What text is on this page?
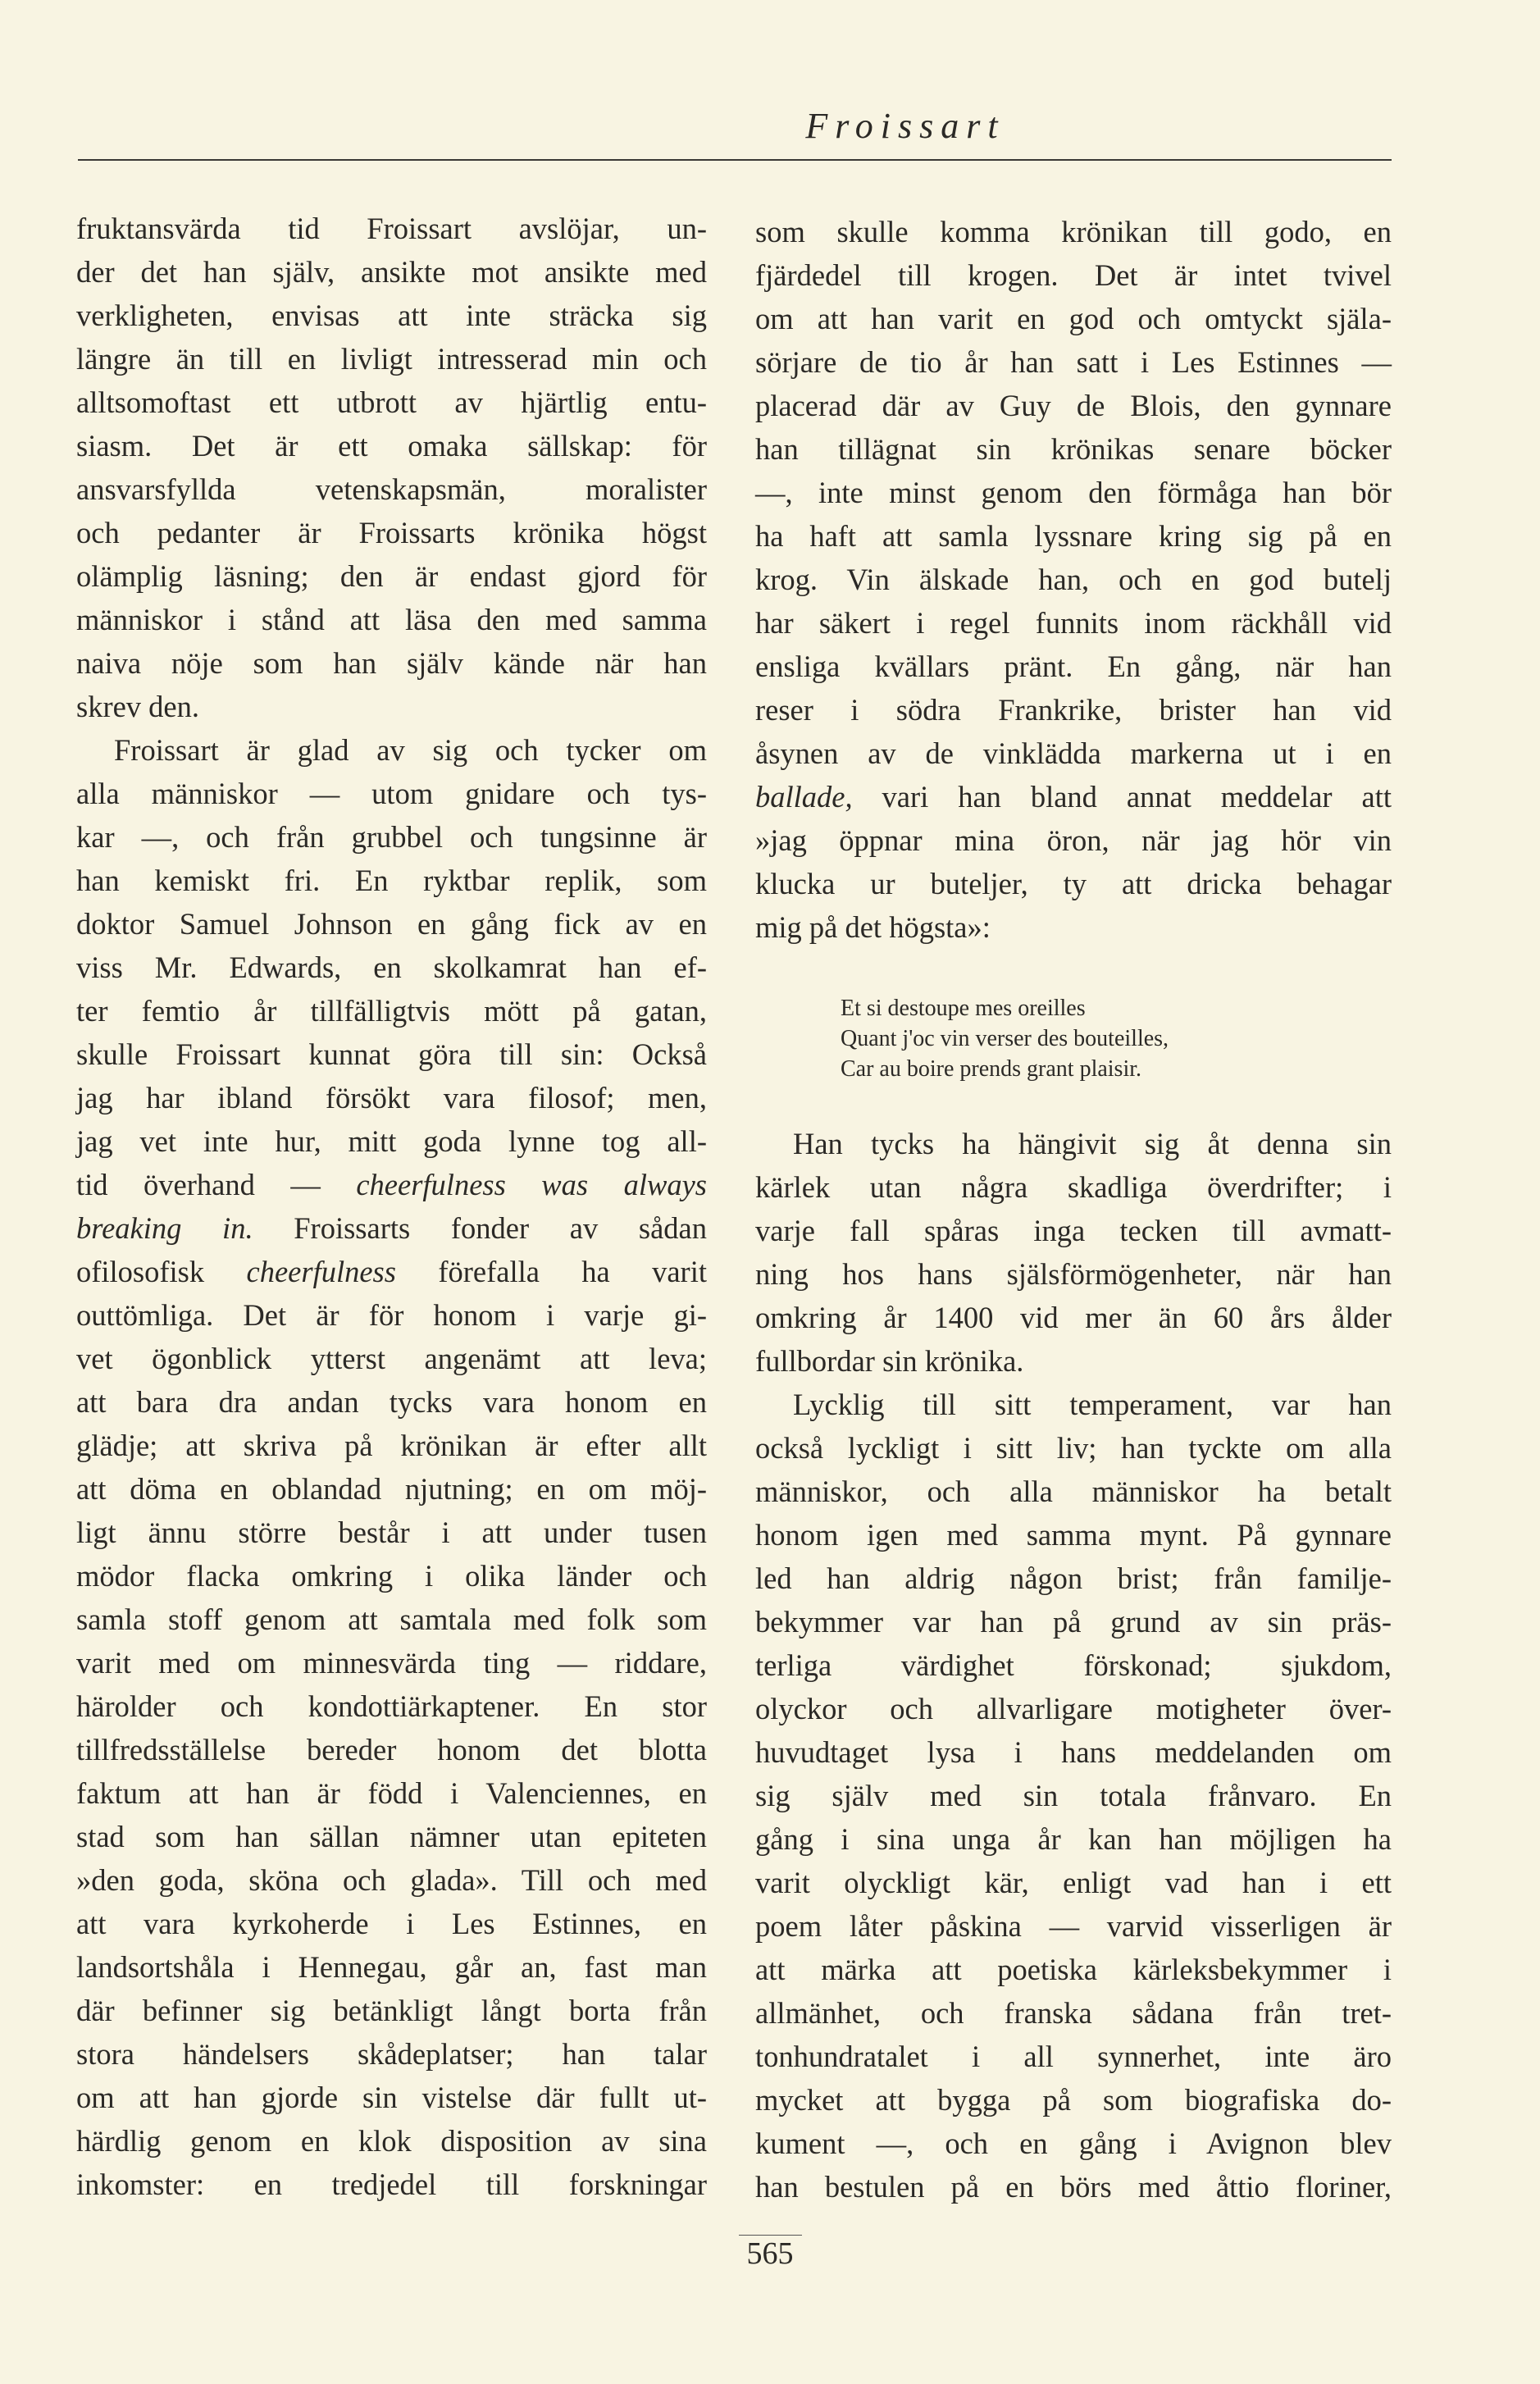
Froissart
fruktansvärda tid Froissart avslöjar, un-
der det han själv, ansikte mot ansikte med
verkligheten, envisas att inte sträcka sig
längre än till en livligt intresserad min och
alltsomoftast ett utbrott av hjärtlig entu-
siasm. Det är ett omaka sällskap: för
ansvarsfyllda vetenskapsmän, moralister
och pedanter är Froissarts krönika högst
olämplig läsning; den är endast gjord för
människor i stånd att läsa den med samma
naiva nöje som han själv kände när han
skrev den.
Froissart är glad av sig och tycker om
alla människor — utom gnidare och tys-
kar —, och från grubbel och tungsinne är
han kemiskt fri. En ryktbar replik, som
doktor Samuel Johnson en gång fick av en
viss Mr. Edwards, en skolkamrat han ef-
ter femtio år tillfälligtvis mött på gatan,
skulle Froissart kunnat göra till sin: Också
jag har ibland försökt vara filosof; men,
jag vet inte hur, mitt goda lynne tog all-
tid överhand — cheerfulness was always
breaking in. Froissarts fonder av sådan
ofilosofisk cheerfulness förefalla ha varit
outtömliga. Det är för honom i varje gi-
vet ögonblick ytterst angenämt att leva;
att bara dra andan tycks vara honom en
glädje; att skriva på krönikan är efter allt
att döma en oblandad njutning; en om möj-
ligt ännu större består i att under tusen
mödor flacka omkring i olika länder och
samla stoff genom att samtala med folk som
varit med om minnesvärda ting — riddare,
härolder och kondottiärkaptener. En stor
tillfredsställelse bereder honom det blotta
faktum att han är född i Valenciennes, en
stad som han sällan nämner utan epiteten
»den goda, sköna och glada». Till och med
att vara kyrkoherde i Les Estinnes, en
landsortshåla i Hennegau, går an, fast man
där befinner sig betänkligt långt borta från
stora händelsers skådeplatser; han talar
om att han gjorde sin vistelse där fullt ut-
härdlig genom en klok disposition av sina
inkomster: en tredjedel till forskningar
som skulle komma krönikan till godo, en
fjärdedel till krogen. Det är intet tvivel
om att han varit en god och omtyckt själa-
sörjare de tio år han satt i Les Estinnes —
placerad där av Guy de Blois, den gynnare
han tillägnat sin krönikas senare böcker
—, inte minst genom den förmåga han bör
ha haft att samla lyssnare kring sig på en
krog. Vin älskade han, och en god butelj
har säkert i regel funnits inom räckhåll vid
ensliga kvällars pränt. En gång, när han
reser i södra Frankrike, brister han vid
åsynen av de vinklädda markerna ut i en
ballade, vari han bland annat meddelar att
»jag öppnar mina öron, när jag hör vin
klucka ur buteljer, ty att dricka behagar
mig på det högsta»:
Et si destoupe mes oreilles
Quant j'oc vin verser des bouteilles,
Car au boire prends grant plaisir.
Han tycks ha hängivit sig åt denna sin
kärlek utan några skadliga överdrifter; i
varje fall spåras inga tecken till avmatt-
ning hos hans själsförmögenheter, när han
omkring år 1400 vid mer än 60 års ålder
fullbordar sin krönika.
Lycklig till sitt temperament, var han
också lyckligt i sitt liv; han tyckte om alla
människor, och alla människor ha betalt
honom igen med samma mynt. På gynnare
led han aldrig någon brist; från familje-
bekymmer var han på grund av sin präs-
terliga värdighet förskonad; sjukdom,
olyckor och allvarligare motigheter över-
huvudtaget lysa i hans meddelanden om
sig själv med sin totala frånvaro. En
gång i sina unga år kan han möjligen ha
varit olyckligt kär, enligt vad han i ett
poem låter påskina — varvid visserligen är
att märka att poetiska kärleksbekymmer i
allmänhet, och franska sådana från tret-
tonhundratalet i all synnerhet, inte äro
mycket att bygga på som biografiska do-
kument —, och en gång i Avignon blev
han bestulen på en börs med åttio floriner,
565
